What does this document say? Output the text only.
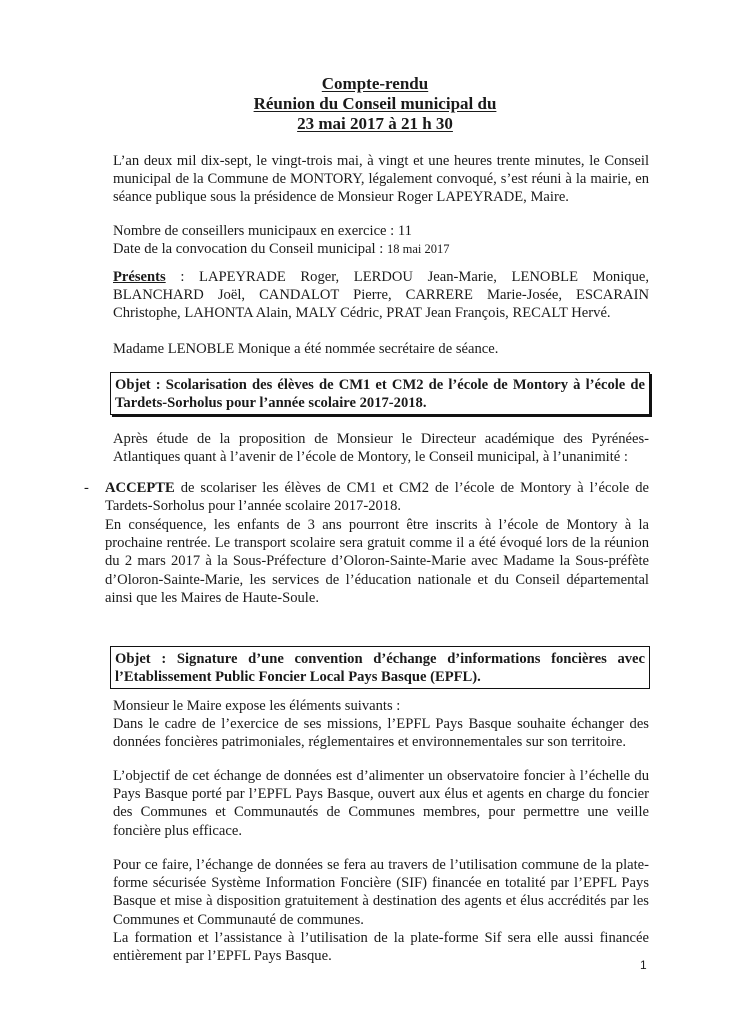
Compte-rendu
Réunion du Conseil municipal du
23 mai 2017 à 21 h 30

L’an deux mil dix-sept, le vingt-trois mai, à vingt et une heures trente minutes, le Conseil municipal de la Commune de MONTORY, légalement convoqué, s’est réuni à la mairie, en séance publique sous la présidence de Monsieur Roger LAPEYRADE, Maire.

Nombre de conseillers municipaux en exercice : 11
Date de la convocation du Conseil municipal : 18 mai 2017

Présents : LAPEYRADE Roger, LERDOU Jean-Marie, LENOBLE Monique, BLANCHARD Joël, CANDALOT Pierre, CARRERE Marie-Josée, ESCARAIN Christophe, LAHONTA Alain, MALY Cédric, PRAT Jean François, RECALT Hervé.

Madame LENOBLE Monique a été nommée secrétaire de séance.

Objet : Scolarisation des élèves de CM1 et CM2 de l’école de Montory à l’école de Tardets-Sorholus pour l’année scolaire 2017-2018.

Après étude de la proposition de Monsieur le Directeur académique des Pyrénées-Atlantiques quant à l’avenir de l’école de Montory, le Conseil municipal, à l’unanimité :

- ACCEPTE de scolariser les élèves de CM1 et CM2 de l’école de Montory à l’école de Tardets-Sorholus pour l’année scolaire 2017-2018.

En conséquence, les enfants de 3 ans pourront être inscrits à l’école de Montory à la prochaine rentrée. Le transport scolaire sera gratuit comme il a été évoqué lors de la réunion du 2 mars 2017 à la Sous-Préfecture d’Oloron-Sainte-Marie avec Madame la Sous-préfète d’Oloron-Sainte-Marie, les services de l’éducation nationale et du Conseil départemental ainsi que les Maires de Haute-Soule.

Objet : Signature d’une convention d’échange d’informations foncières avec l’Etablissement Public Foncier Local Pays Basque (EPFL).

Monsieur le Maire expose les éléments suivants :
Dans le cadre de l’exercice de ses missions, l’EPFL Pays Basque souhaite échanger des données foncières patrimoniales, réglementaires et environnementales sur son territoire.

L’objectif de cet échange de données est d’alimenter un observatoire foncier à l’échelle du Pays Basque porté par l’EPFL Pays Basque, ouvert aux élus et agents en charge du foncier des Communes et Communautés de Communes membres, pour permettre une veille foncière plus efficace.

Pour ce faire, l’échange de données se fera au travers de l’utilisation commune de la plate-forme sécurisée Système Information Foncière (SIF) financée en totalité par l’EPFL Pays Basque et mise à disposition gratuitement à destination des agents et élus accrédités par les Communes et Communauté de communes.
La formation et l’assistance à l’utilisation de la plate-forme Sif sera elle aussi financée entièrement par l’EPFL Pays Basque.

1
